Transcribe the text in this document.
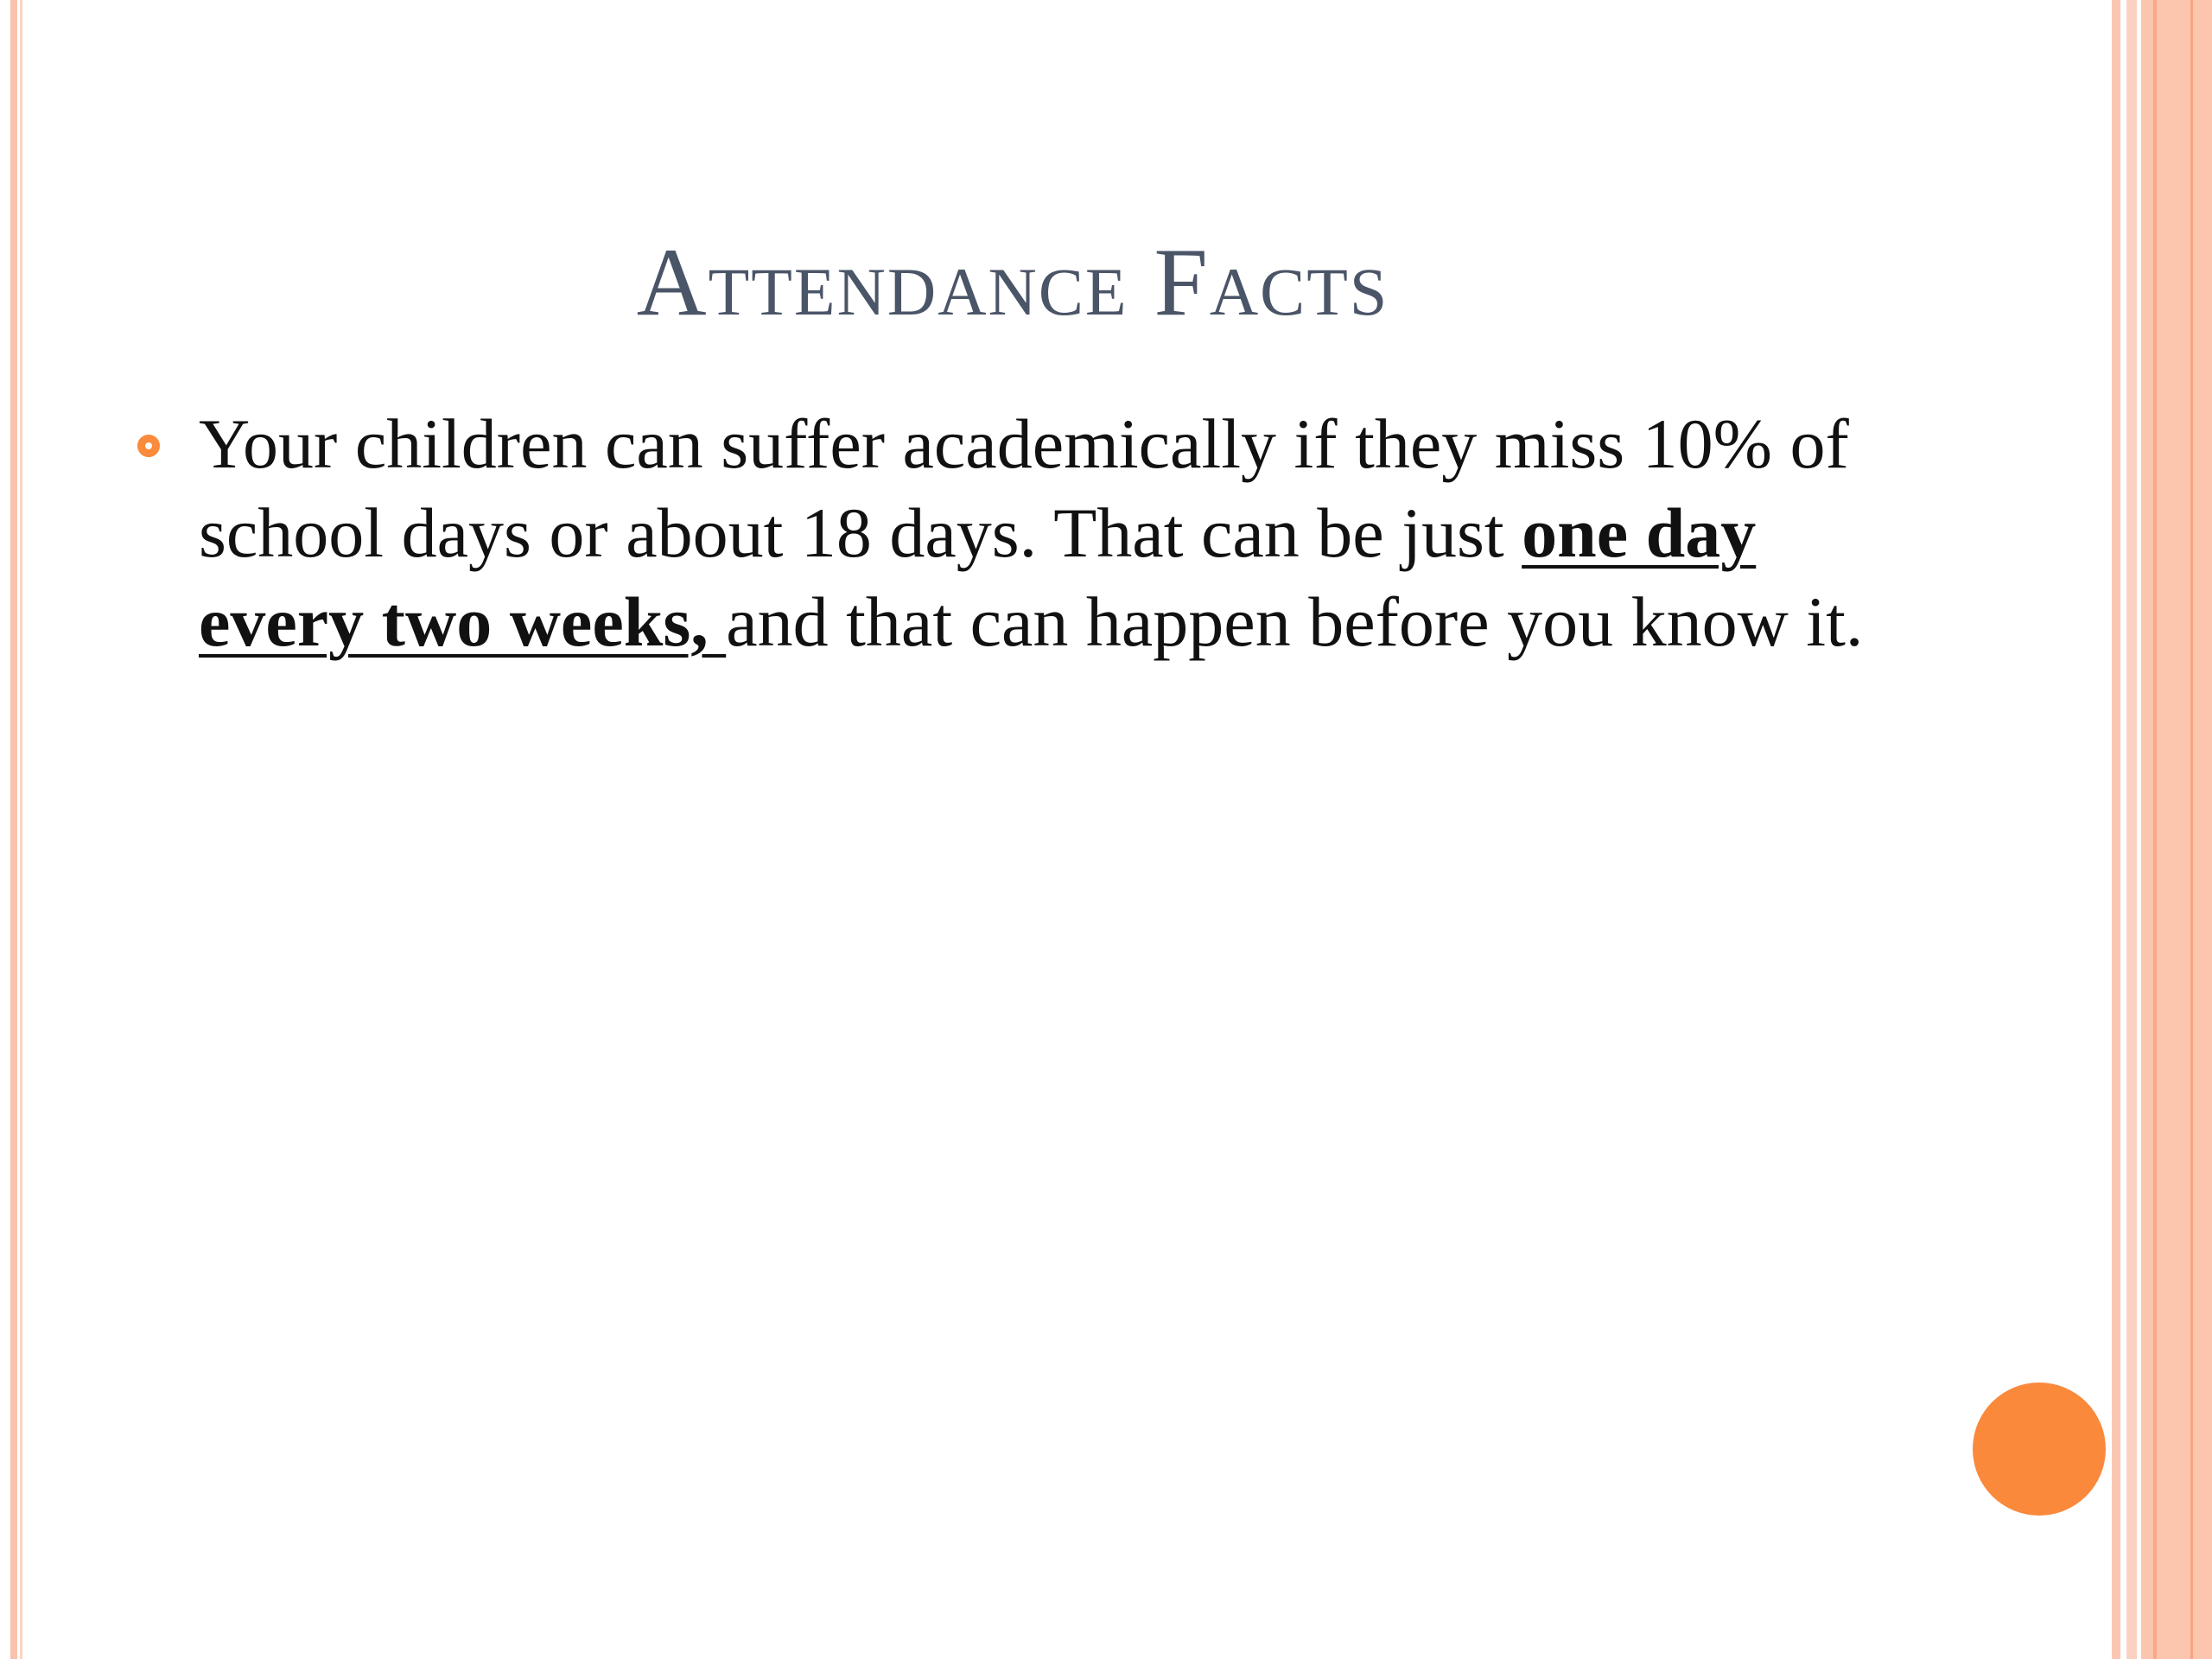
Attendance Facts
Your children can suffer academically if they miss 10% of school days or about 18 days. That can be just one day every two weeks, and that can happen before you know it.
